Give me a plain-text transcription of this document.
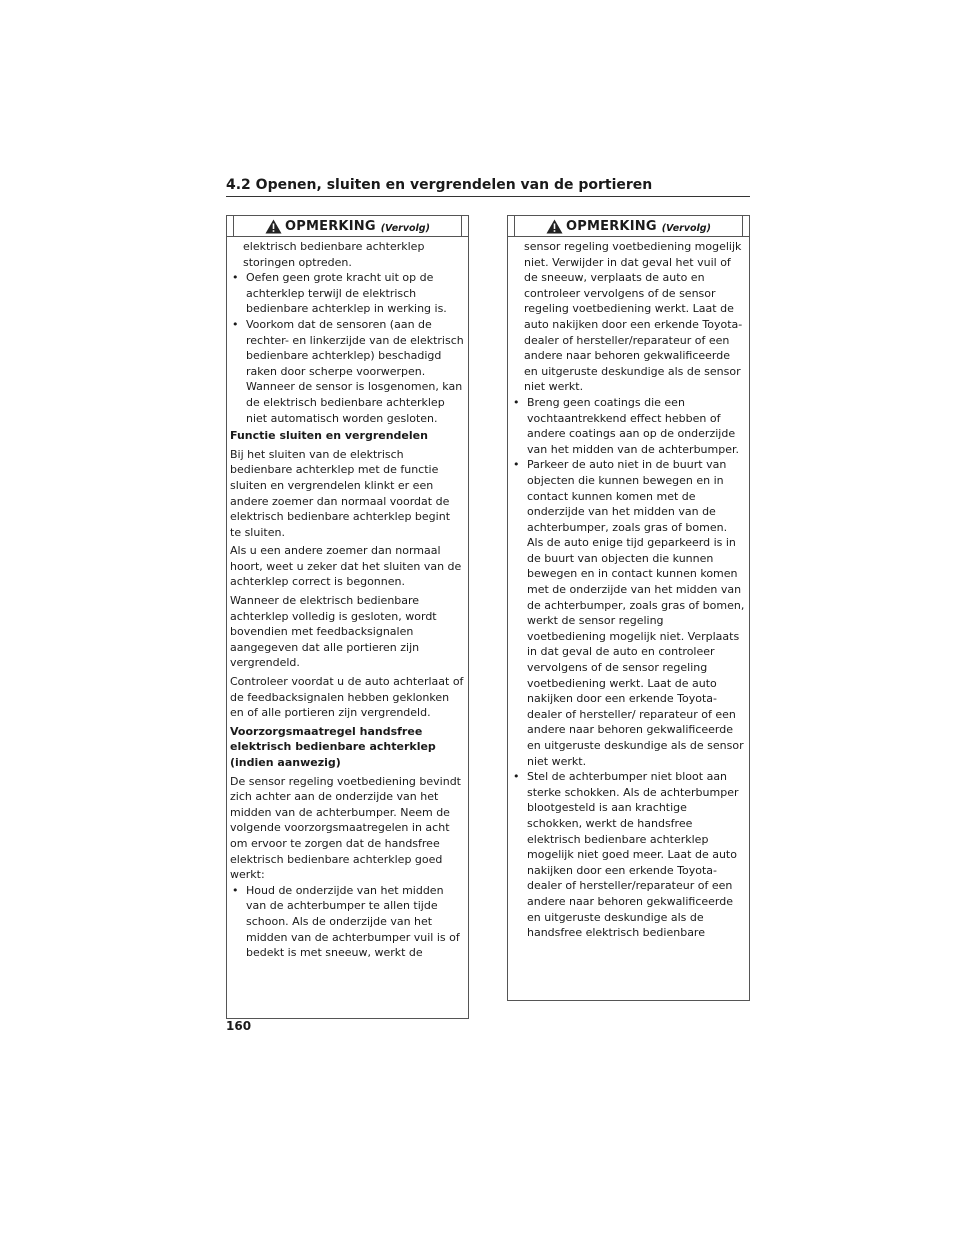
4.2 Openen, sluiten en vergrendelen van de portieren
OPMERKING (Vervolg)

elektrisch bedienbare achterklep storingen optreden.

• Oefen geen grote kracht uit op de achterklep terwijl de elektrisch bedienbare achterklep in werking is.
• Voorkom dat de sensoren (aan de rechter- en linkerzijde van de elektrisch bedienbare achterklep) beschadigd raken door scherpe voorwerpen. Wanneer de sensor is losgenomen, kan de elektrisch bedienbare achterklep niet automatisch worden gesloten.

Functie sluiten en vergrendelen

Bij het sluiten van de elektrisch bedienbare achterklep met de functie sluiten en vergrendelen klinkt er een andere zoemer dan normaal voordat de elektrisch bedienbare achterklep begint te sluiten.

Als u een andere zoemer dan normaal hoort, weet u zeker dat het sluiten van de achterklep correct is begonnen.

Wanneer de elektrisch bedienbare achterklep volledig is gesloten, wordt bovendien met feedbacksignalen aangegeven dat alle portieren zijn vergrendeld.

Controleer voordat u de auto achterlaat of de feedbacksignalen hebben geklonken en of alle portieren zijn vergrendeld.

Voorzorgsmaatregel handsfree elektrisch bedienbare achterklep (indien aanwezig)

De sensor regeling voetbediening bevindt zich achter aan de onderzijde van het midden van de achterbumper. Neem de volgende voorzorgsmaatregelen in acht om ervoor te zorgen dat de handsfree elektrisch bedienbare achterklep goed werkt:

• Houd de onderzijde van het midden van de achterbumper te allen tijde schoon. Als de onderzijde van het midden van de achterbumper vuil is of bedekt is met sneeuw, werkt de
OPMERKING (Vervolg)

sensor regeling voetbediening mogelijk niet. Verwijder in dat geval het vuil of de sneeuw, verplaats de auto en controleer vervolgens of de sensor regeling voetbediening werkt. Laat de auto nakijken door een erkende Toyota-dealer of hersteller/reparateur of een andere naar behoren gekwalificeerde en uitgeruste deskundige als de sensor niet werkt.

• Breng geen coatings die een vochtaantrekkend effect hebben of andere coatings aan op de onderzijde van het midden van de achterbumper.
• Parkeer de auto niet in de buurt van objecten die kunnen bewegen en in contact kunnen komen met de onderzijde van het midden van de achterbumper, zoals gras of bomen. Als de auto enige tijd geparkeerd is in de buurt van objecten die kunnen bewegen en in contact kunnen komen met de onderzijde van het midden van de achterbumper, zoals gras of bomen, werkt de sensor regeling voetbediening mogelijk niet. Verplaats in dat geval de auto en controleer vervolgens of de sensor regeling voetbediening werkt. Laat de auto nakijken door een erkende Toyota-dealer of hersteller/ reparateur of een andere naar behoren gekwalificeerde en uitgeruste deskundige als de sensor niet werkt.
• Stel de achterbumper niet bloot aan sterke schokken. Als de achterbumper blootgesteld is aan krachtige schokken, werkt de handsfree elektrisch bedienbare achterklep mogelijk niet goed meer. Laat de auto nakijken door een erkende Toyota-dealer of hersteller/reparateur of een andere naar behoren gekwalificeerde en uitgeruste deskundige als de handsfree elektrisch bedienbare
160
